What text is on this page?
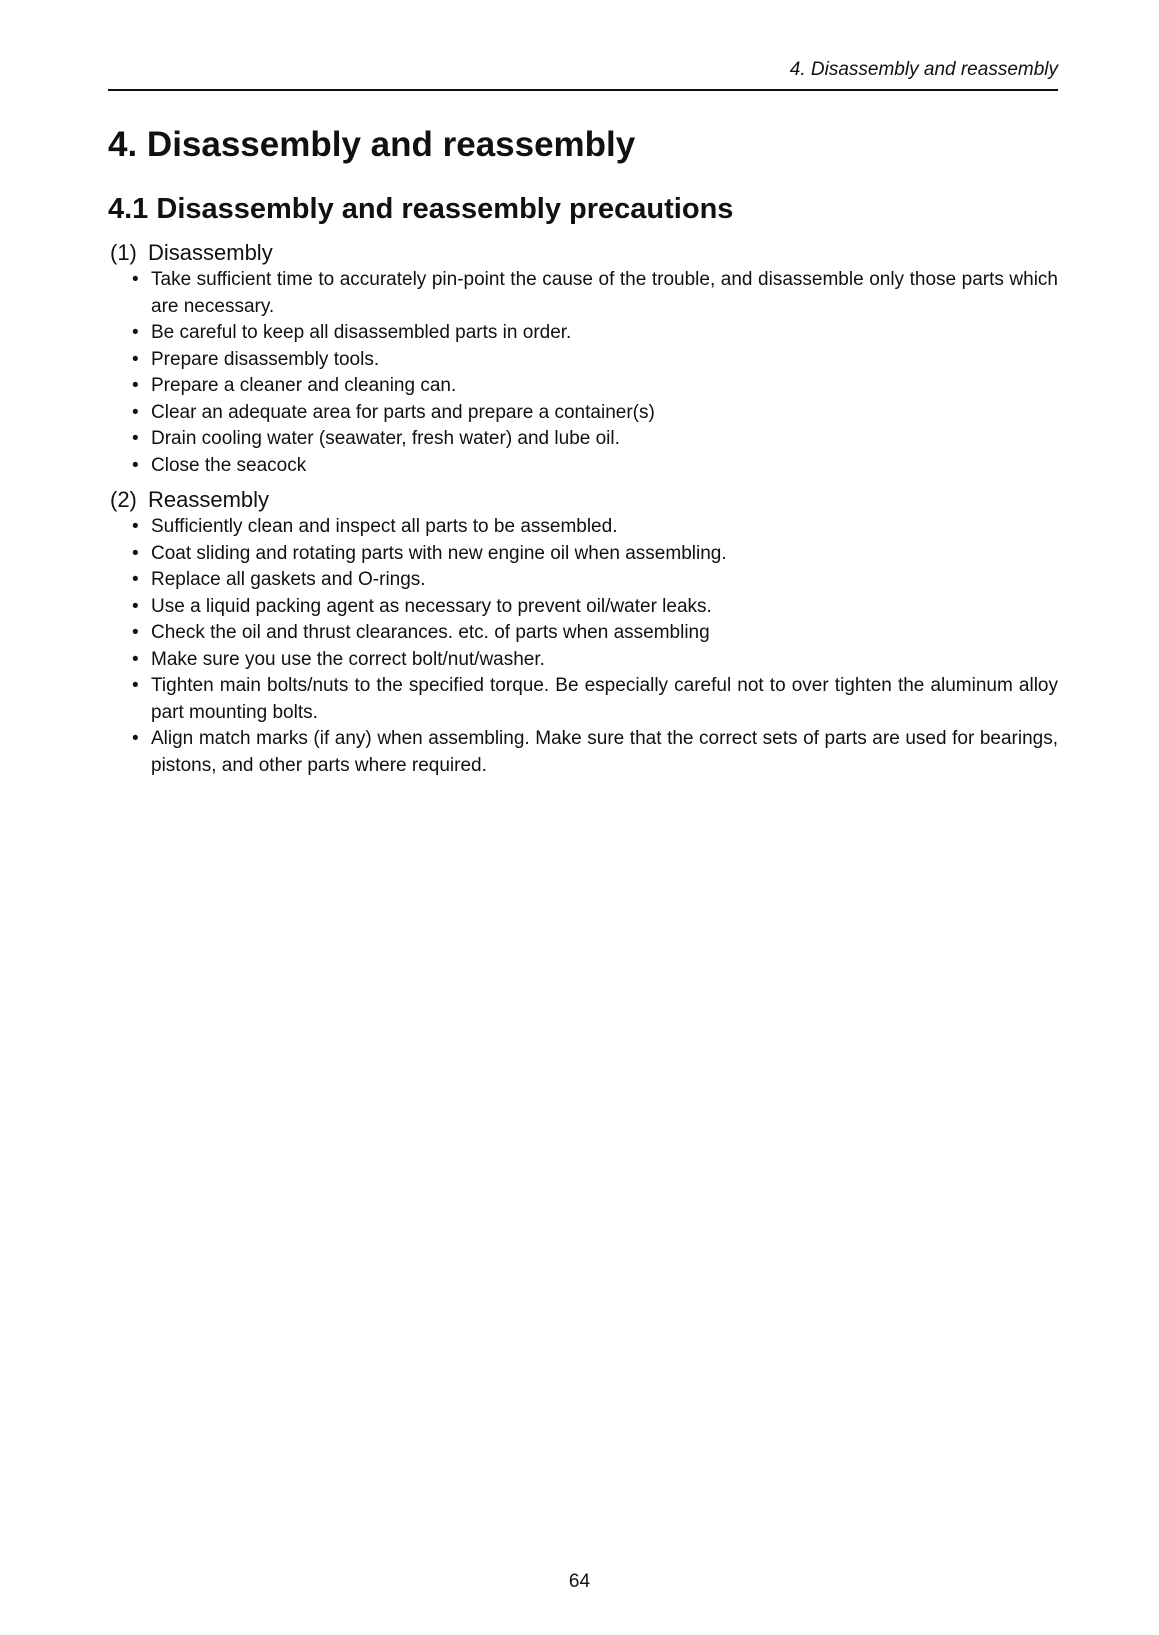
4. Disassembly and reassembly
4. Disassembly and reassembly
4.1 Disassembly and reassembly precautions
(1) Disassembly
• Take sufficient time to accurately pin-point the cause of the trouble, and disassemble only those parts which are necessary.
• Be careful to keep all disassembled parts in order.
• Prepare disassembly tools.
• Prepare a cleaner and cleaning can.
• Clear an adequate area for parts and prepare a container(s)
• Drain cooling water (seawater, fresh water) and lube oil.
• Close the seacock
(2) Reassembly
• Sufficiently clean and inspect all parts to be assembled.
• Coat sliding and rotating parts with new engine oil when assembling.
• Replace all gaskets and O-rings.
• Use a liquid packing agent as necessary to prevent oil/water leaks.
• Check the oil and thrust clearances. etc. of parts when assembling
• Make sure you use the correct bolt/nut/washer.
• Tighten main bolts/nuts to the specified torque. Be especially careful not to over tighten the aluminum alloy part mounting bolts.
• Align match marks (if any) when assembling. Make sure that the correct sets of parts are used for bearings, pistons, and other parts where required.
64
